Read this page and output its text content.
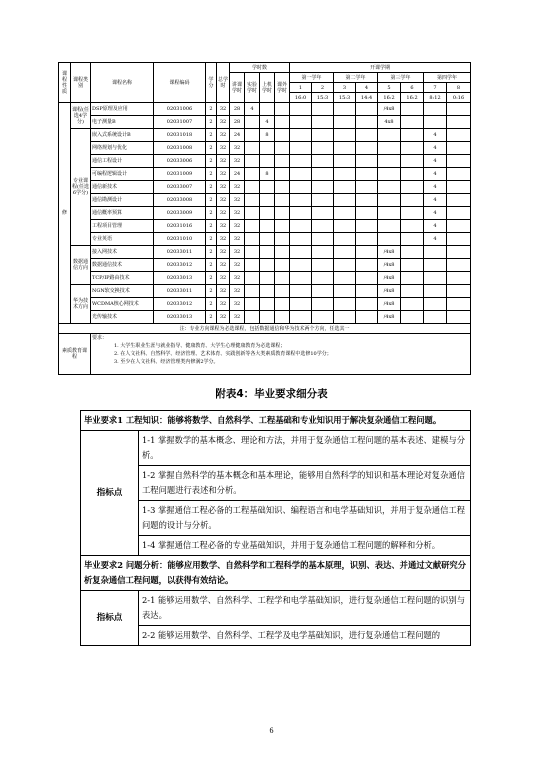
课程性质	课程类别	课程名称	课程编码	学分	总学时	学时数				开课学期							
						讲课学时	实验学时	上机学时	课外学时	第一学年		第二学年		第三学年		第四学年	
										1	2	3	4	5	6	7	8
										16:0	15:3	15:3	14:4	16:2	16:2	8:12	0:16
修	课程(任选4学分)	DSP原理及应用	02031006	2	32	28	4							/4x8			
		电子测量B	02031007	2	32	28		4						4x8			
	专业课程(任选6学分)	嵌入式系统设计B	02031018	2	32	24		8								4	
		网络规划与优化	02031008	2	32	32										4	
		通信工程设计	02033006	2	32	32										4	
		可编程逻辑设计	02031009	2	32	24		8								4	
		通信新技术	02033007	2	32	32										4	
		通信勘测设计	02033008	2	32	32										4	
		通信概率预算	02033009	2	32	32										4	
		工程项目管理	02031016	2	32	32										4	
		专业英语	02031010	2	32	32										4	
	数据通信方向	接入网技术	02033011	2	32	32								/4x8			
		数据通信技术	02033012	2	32	32								/4x8			
		TCP/IP路由技术	02033013	2	32	32								/4x8			
	华为技术方向	NGN软交换技术	02033011	2	32	32								/4x8			
		WCDMA核心网技术	02033012	2	32	32								/4x8			
		光传输技术	02033013	2	32	32								/4x8			
注：专业方向课程为必选课程，包括数据通信和华为技术两个方向，任选其一																	
素质教育课程		要求：
1. 大学生职业生涯与就业指导、健康教育、大学生心理健康教育为必选课程；
2. 在人文社科、自然科学、经济管理、艺术体育、实践创新等各大类素质教育课程中选修10学分；
3. 至少在人文社科、经济管理类内修满2学分。															
附表4：毕业要求细分表
毕业要求1 工程知识：能够将数学、自然科学、工程基础和专业知识用于解决复杂通信工程问题。	
指标点	1-1 掌握数学的基本概念、理论和方法，并用于复杂通信工程问题的基本表述、建模与分析。
	1-2 掌握自然科学的基本概念和基本理论，能够用自然科学的知识和基本理论对复杂通信工程问题进行表述和分析。
	1-3 掌握通信工程必备的工程基础知识、编程语言和电学基础知识，并用于复杂通信工程问题的设计与分析。
	1-4 掌握通信工程必备的专业基础知识，并用于复杂通信工程问题的解释和分析。
毕业要求2 问题分析：能够应用数学、自然科学和工程科学的基本原理，识别、表达、并通过文献研究分析复杂通信工程问题，以获得有效结论。	
指标点	2-1 能够运用数学、自然科学、工程学和电学基础知识，进行复杂通信工程问题的识别与表达。
	2-2 能够运用数学、自然科学、工程学及电学基础知识，进行复杂通信工程问题的
6
